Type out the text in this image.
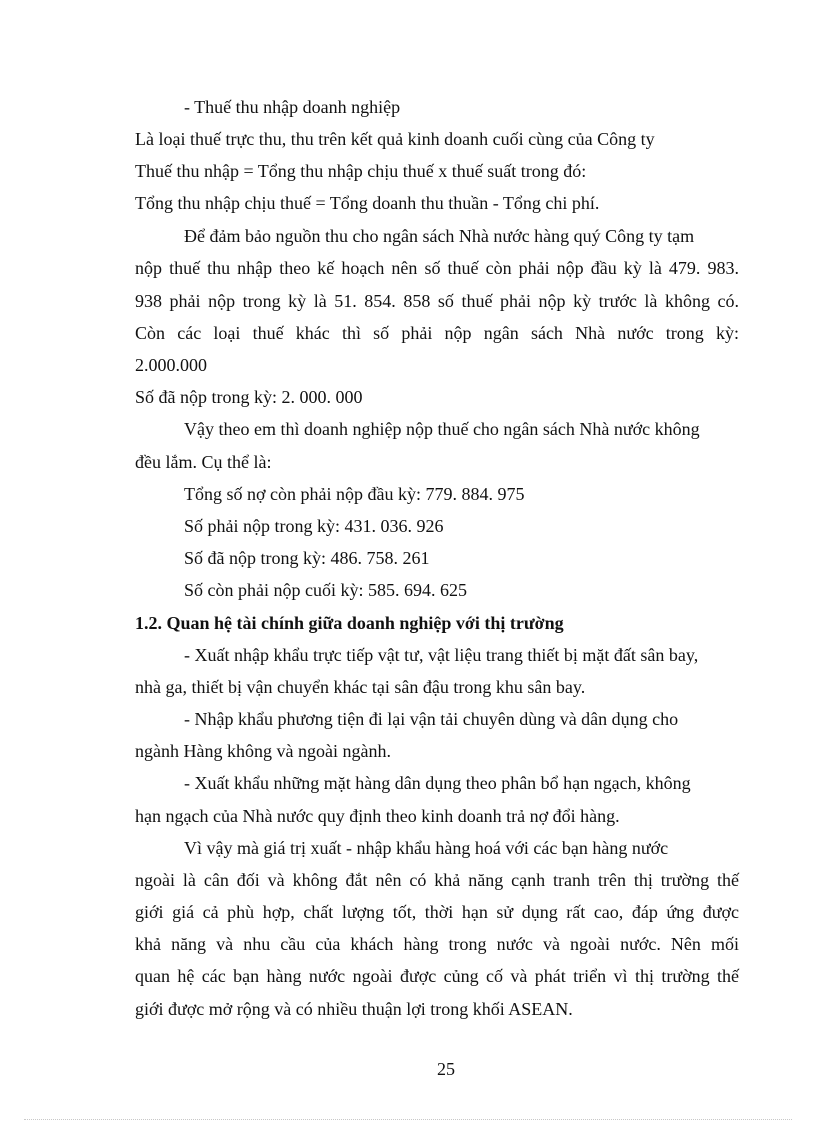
- Thuế thu nhập doanh nghiệp

Là loại thuế trực thu, thu trên kết quả kinh doanh cuối cùng của Công ty

Thuế thu nhập = Tổng thu nhập chịu thuế x thuế suất trong đó:

Tổng thu nhập chịu thuế = Tổng doanh thu thuần - Tổng chi phí.

Để đảm bảo nguồn thu cho ngân sách Nhà nước hàng quý Công ty tạm

nộp thuế thu nhập theo kế hoạch nên số thuế còn phải nộp đầu kỳ là 479. 983.

938 phải nộp trong kỳ là 51. 854. 858 số thuế phải nộp kỳ trước là không có.

Còn các loại thuế khác thì số phải nộp ngân sách Nhà nước trong kỳ:

2.000.000

Số đã nộp trong kỳ: 2. 000. 000

Vậy theo em thì doanh nghiệp nộp thuế cho ngân sách Nhà nước không

đều lắm. Cụ thể là:

Tổng số nợ còn phải nộp đầu kỳ: 779. 884. 975

Số phải nộp trong kỳ: 431. 036. 926

Số đã nộp trong kỳ: 486. 758. 261

Số còn phải nộp cuối kỳ: 585. 694. 625

1.2. Quan hệ tài chính giữa doanh nghiệp với thị trường

- Xuất nhập khẩu trực tiếp vật tư, vật liệu trang thiết bị mặt đất sân bay,

nhà ga, thiết bị vận chuyển khác tại sân đậu trong khu sân bay.

- Nhập khẩu phương tiện đi lại vận tải chuyên dùng và dân dụng cho

ngành Hàng không và ngoài ngành.

- Xuất khẩu những mặt hàng dân dụng theo phân bổ hạn ngạch, không

hạn ngạch của Nhà nước quy định theo kinh doanh trả nợ đổi hàng.

Vì vậy mà giá trị xuất - nhập khẩu hàng hoá với các bạn hàng nước

ngoài là cân đối và không đắt nên có khả năng cạnh tranh trên thị trường thế

giới giá cả phù hợp, chất lượng tốt, thời hạn sử dụng rất cao, đáp ứng được

khả năng và nhu cầu của khách hàng trong nước và ngoài nước. Nên mối

quan hệ các bạn hàng nước ngoài được củng cố và phát triển vì thị trường thế

giới được mở rộng và có nhiều thuận lợi trong khối ASEAN.

25
